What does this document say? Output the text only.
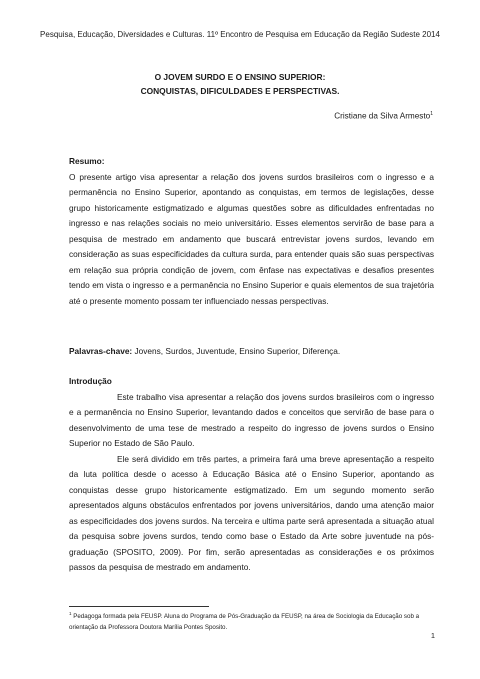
Pesquisa, Educação, Diversidades e Culturas. 11º Encontro de Pesquisa em Educação da Região Sudeste 2014
O JOVEM SURDO E O ENSINO SUPERIOR:
CONQUISTAS, DIFICULDADES E PERSPECTIVAS.
Cristiane da Silva Armesto$^1$
Resumo:

O presente artigo visa apresentar a relação dos jovens surdos brasileiros com o ingresso e a permanência no Ensino Superior, apontando as conquistas, em termos de legislações, desse grupo historicamente estigmatizado e algumas questões sobre as dificuldades enfrentadas no ingresso e nas relações sociais no meio universitário. Esses elementos servirão de base para a pesquisa de mestrado em andamento que buscará entrevistar jovens surdos, levando em consideração as suas especificidades da cultura surda, para entender quais são suas perspectivas em relação sua própria condição de jovem, com ênfase nas expectativas e desafios presentes tendo em vista o ingresso e a permanência no Ensino Superior e quais elementos de sua trajetória até o presente momento possam ter influenciado nessas perspectivas.

Palavras-chave: Jovens, Surdos, Juventude, Ensino Superior, Diferença.

Introdução

Este trabalho visa apresentar a relação dos jovens surdos brasileiros com o ingresso e a permanência no Ensino Superior, levantando dados e conceitos que servirão de base para o desenvolvimento de uma tese de mestrado a respeito do ingresso de jovens surdos o Ensino Superior no Estado de São Paulo.

Ele será dividido em três partes, a primeira fará uma breve apresentação a respeito da luta política desde o acesso à Educação Básica até o Ensino Superior, apontando as conquistas desse grupo historicamente estigmatizado. Em um segundo momento serão apresentados alguns obstáculos enfrentados por jovens universitários, dando uma atenção maior as especificidades dos jovens surdos. Na terceira e ultima parte será apresentada a situação atual da pesquisa sobre jovens surdos, tendo como base o Estado da Arte sobre juventude na pós-graduação (SPOSITO, 2009). Por fim, serão apresentadas as considerações e os próximos passos da pesquisa de mestrado em andamento.

$^1$ Pedagoga formada pela FEUSP. Aluna do Programa de Pós-Graduação da FEUSP, na área de Sociologia da Educação sob a orientação da Professora Doutora Marília Pontes Sposito.
1
